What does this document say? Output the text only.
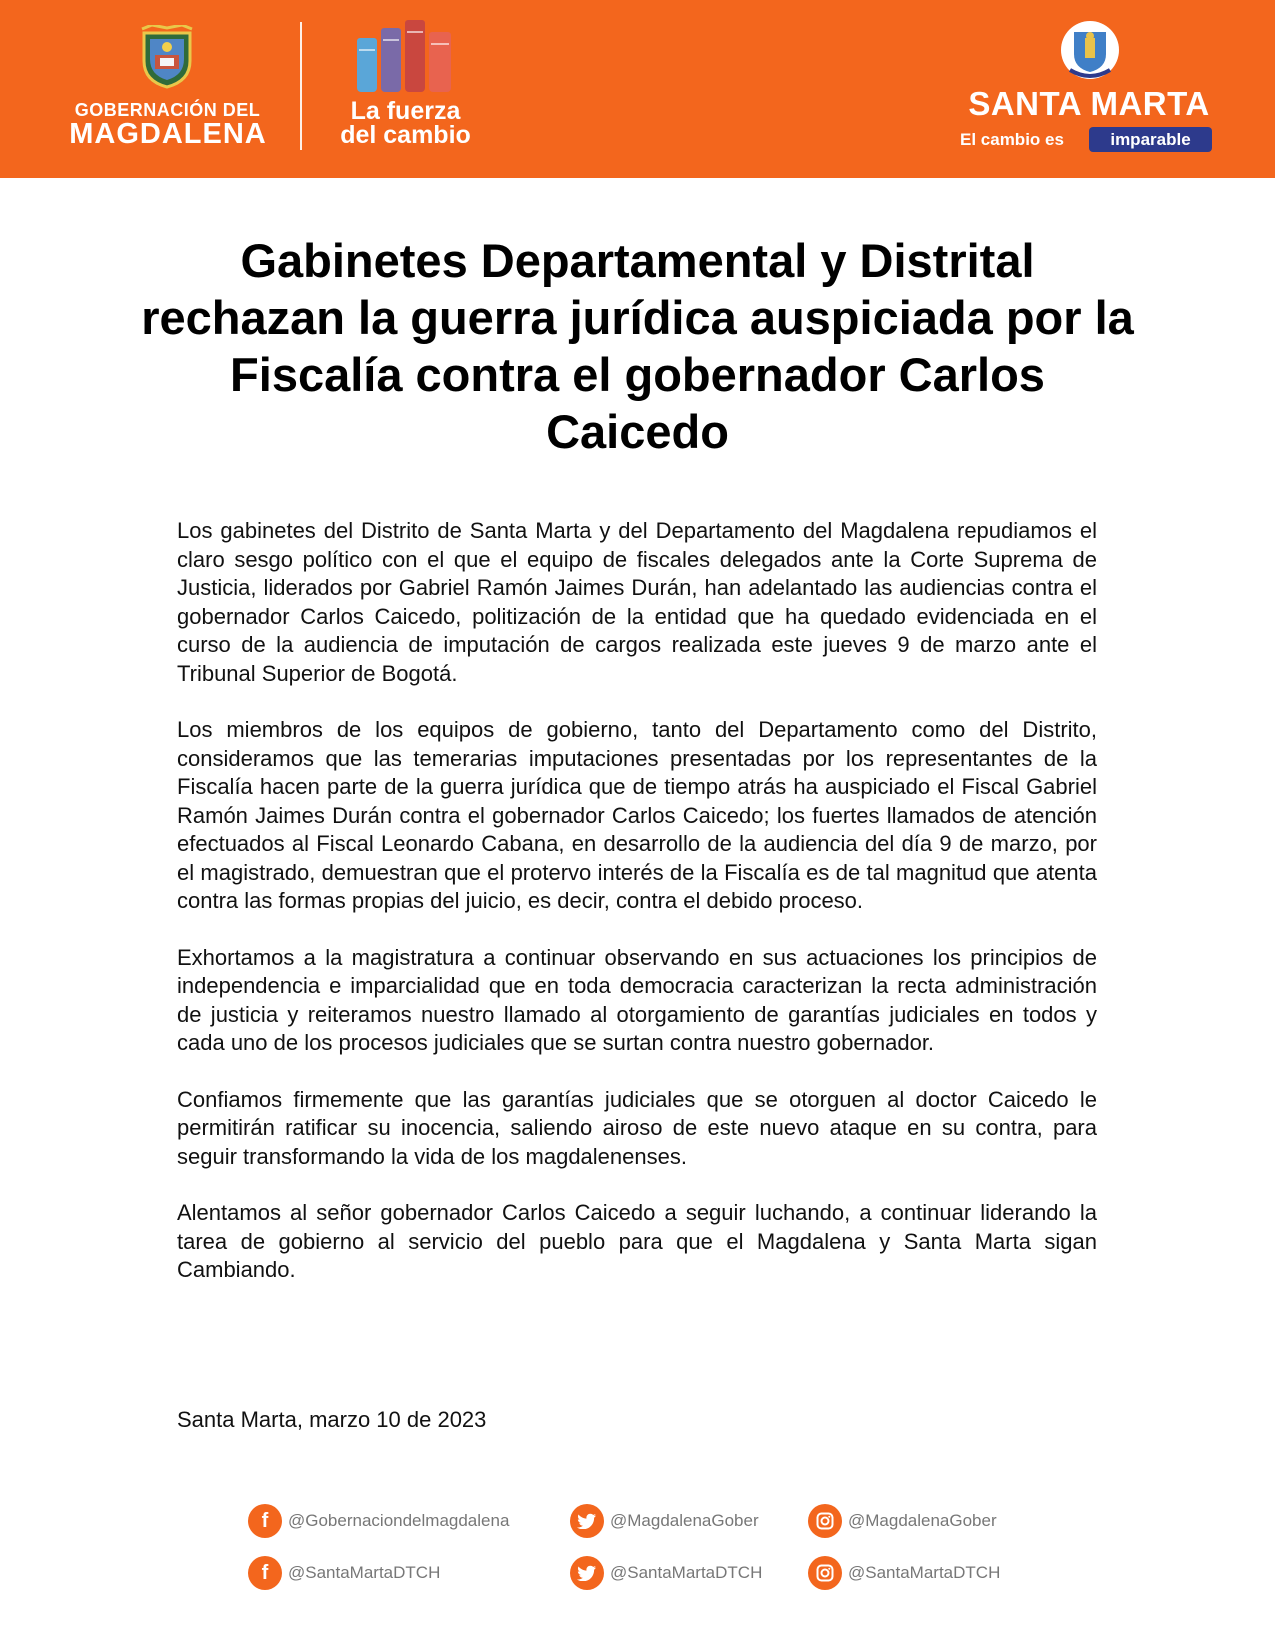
GOBERNACIÓN DEL
MAGDALENA
La fuerza
del cambio
SANTA MARTA
El cambio es	imparable
Gabinetes Departamental y Distrital rechazan la guerra jurídica auspiciada por la Fiscalía contra el gobernador Carlos Caicedo

Los gabinetes del Distrito de Santa Marta y del Departamento del Magdalena repudiamos el claro sesgo político con el que el equipo de fiscales delegados ante la Corte Suprema de Justicia, liderados por Gabriel Ramón Jaimes Durán, han adelantado las audiencias contra el gobernador Carlos Caicedo, politización de la entidad que ha quedado evidenciada en el curso de la audiencia de imputación de cargos realizada este jueves 9 de marzo ante el Tribunal Superior de Bogotá.

Los miembros de los equipos de gobierno, tanto del Departamento como del Distrito, consideramos que las temerarias imputaciones presentadas por los representantes de la Fiscalía hacen parte de la guerra jurídica que de tiempo atrás ha auspiciado el Fiscal Gabriel Ramón Jaimes Durán contra el gobernador Carlos Caicedo; los fuertes llamados de atención efectuados al Fiscal Leonardo Cabana, en desarrollo de la audiencia del día 9 de marzo, por el magistrado, demuestran que el protervo interés de la Fiscalía es de tal magnitud que atenta contra las formas propias del juicio, es decir, contra el debido proceso.

Exhortamos a la magistratura a continuar observando en sus actuaciones los principios de independencia e imparcialidad que en toda democracia caracterizan la recta administración de justicia y reiteramos nuestro llamado al otorgamiento de garantías judiciales en todos y cada uno de los procesos judiciales que se surtan contra nuestro gobernador.

Confiamos firmemente que las garantías judiciales que se otorguen al doctor Caicedo le permitirán ratificar su inocencia, saliendo airoso de este nuevo ataque en su contra, para seguir transformando la vida de los magdalenenses.

Alentamos al señor gobernador Carlos Caicedo a seguir luchando, a continuar liderando la tarea de gobierno al servicio del pueblo para que el Magdalena y Santa Marta sigan Cambiando.

Santa Marta, marzo 10 de 2023
f	@Gobernaciondelmagdalena	@MagdalenaGober	@MagdalenaGober
f	@SantaMartaDTCH	@SantaMartaDTCH	@SantaMartaDTCH
